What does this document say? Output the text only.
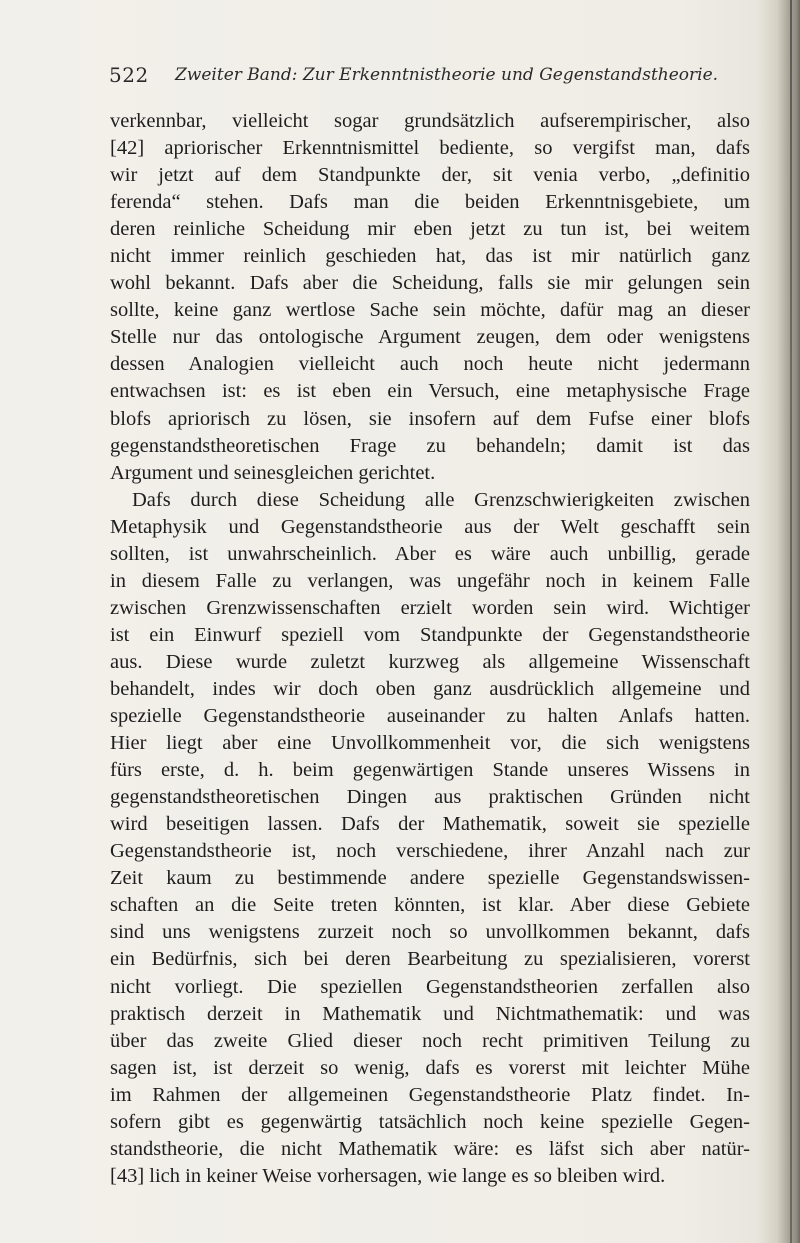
522 Zweiter Band: Zur Erkenntnistheorie und Gegenstandstheorie.
verkennbar, vielleicht sogar grundsätzlich aufserempirischer, also
[42] apriorischer Erkenntnismittel bediente, so vergifst man, dafs
wir jetzt auf dem Standpunkte der, sit venia verbo, „definitio
ferenda“ stehen. Dafs man die beiden Erkenntnisgebiete, um
deren reinliche Scheidung mir eben jetzt zu tun ist, bei weitem
nicht immer reinlich geschieden hat, das ist mir natürlich ganz
wohl bekannt. Dafs aber die Scheidung, falls sie mir gelungen sein
sollte, keine ganz wertlose Sache sein möchte, dafür mag an dieser
Stelle nur das ontologische Argument zeugen, dem oder wenigstens
dessen Analogien vielleicht auch noch heute nicht jedermann
entwachsen ist: es ist eben ein Versuch, eine metaphysische Frage
blofs apriorisch zu lösen, sie insofern auf dem Fufse einer blofs
gegenstandstheoretischen Frage zu behandeln; damit ist das
Argument und seinesgleichen gerichtet.
Dafs durch diese Scheidung alle Grenzschwierigkeiten zwischen
Metaphysik und Gegenstandstheorie aus der Welt geschafft sein
sollten, ist unwahrscheinlich. Aber es wäre auch unbillig, gerade
in diesem Falle zu verlangen, was ungefähr noch in keinem Falle
zwischen Grenzwissenschaften erzielt worden sein wird. Wichtiger
ist ein Einwurf speziell vom Standpunkte der Gegenstandstheorie
aus. Diese wurde zuletzt kurzweg als allgemeine Wissenschaft
behandelt, indes wir doch oben ganz ausdrücklich allgemeine und
spezielle Gegenstandstheorie auseinander zu halten Anlafs hatten.
Hier liegt aber eine Unvollkommenheit vor, die sich wenigstens
fürs erste, d. h. beim gegenwärtigen Stande unseres Wissens in
gegenstandstheoretischen Dingen aus praktischen Gründen nicht
wird beseitigen lassen. Dafs der Mathematik, soweit sie spezielle
Gegenstandstheorie ist, noch verschiedene, ihrer Anzahl nach zur
Zeit kaum zu bestimmende andere spezielle Gegenstandswissen-
schaften an die Seite treten könnten, ist klar. Aber diese Gebiete
sind uns wenigstens zurzeit noch so unvollkommen bekannt, dafs
ein Bedürfnis, sich bei deren Bearbeitung zu spezialisieren, vorerst
nicht vorliegt. Die speziellen Gegenstandstheorien zerfallen also
praktisch derzeit in Mathematik und Nichtmathematik: und was
über das zweite Glied dieser noch recht primitiven Teilung zu
sagen ist, ist derzeit so wenig, dafs es vorerst mit leichter Mühe
im Rahmen der allgemeinen Gegenstandstheorie Platz findet. In-
sofern gibt es gegenwärtig tatsächlich noch keine spezielle Gegen-
standstheorie, die nicht Mathematik wäre: es läfst sich aber natür-
[43] lich in keiner Weise vorhersagen, wie lange es so bleiben wird.
